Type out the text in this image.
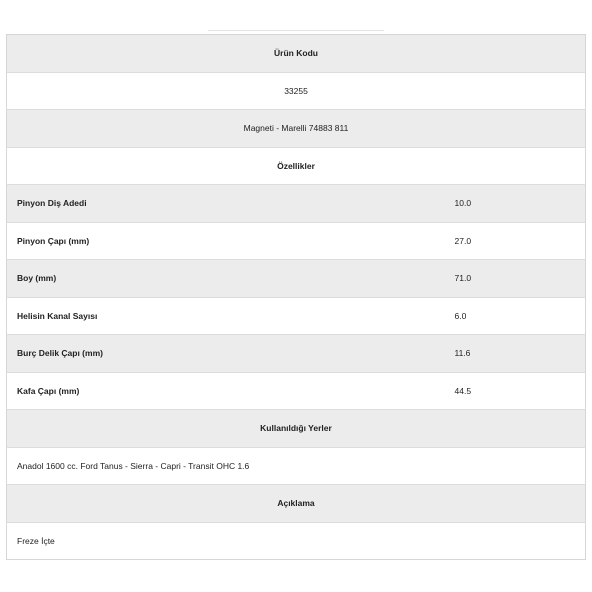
Ürün Kodu	
33255	
Magneti - Marelli 74883 811	
Özellikler	
Pinyon Diş Adedi	10.0
Pinyon Çapı (mm)	27.0
Boy (mm)	71.0
Helisin Kanal Sayısı	6.0
Burç Delik Çapı (mm)	11.6
Kafa Çapı (mm)	44.5
Kullanıldığı Yerler	
Anadol 1600 cc. Ford Tanus - Sierra - Capri - Transit OHC 1.6	
Açıklama	
Freze İçte	
